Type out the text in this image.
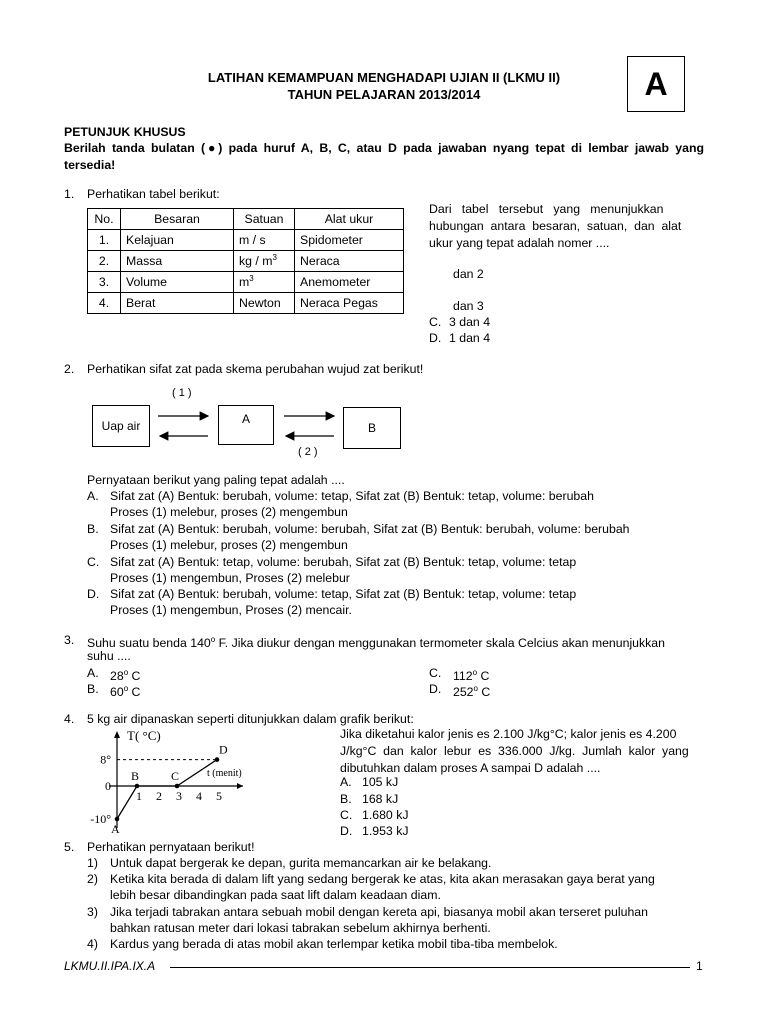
LATIHAN KEMAMPUAN MENGHADAPI UJIAN II (LKMU II)
TAHUN PELAJARAN 2013/2014	A
PETUNJUK KHUSUS
Berilah tanda bulatan (●) pada huruf A, B, C, atau D pada jawaban nyang tepat di lembar jawab yang
tersedia!
1. Perhatikan tabel berikut:
No.	Besaran	Satuan	Alat ukur
1.	Kelajuan	m / s	Spidometer
2.	Massa	kg / $m^3$	Neraca
3.	Volume	$m^3$	Anemometer
4.	Berat	Newton	Neraca Pegas
Dari   tabel   tersebut   yang   menunjukkan
hubungan  antara  besaran,  satuan,  dan  alat
ukur yang tepat adalah nomer ....
dan 2
dan 3
C. 3 dan 4
D. 1 dan 4
2. Perhatikan sifat zat pada skema perubahan wujud zat berikut!
( 1 )
Uap air	A
B
( 2 )
Pernyataan berikut yang paling tepat adalah ....
A. Sifat zat (A) Bentuk: berubah, volume: tetap, Sifat zat (B) Bentuk: tetap, volume: berubah
Proses (1) melebur, proses (2) mengembun
B. Sifat zat (A) Bentuk: berubah, volume: berubah, Sifat zat (B) Bentuk: berubah, volume: berubah
Proses (1) melebur, proses (2) mengembun
C. Sifat zat (A) Bentuk: tetap, volume: berubah, Sifat zat (B) Bentuk: tetap, volume: tetap
Proses (1) mengembun, Proses (2) melebur
D. Sifat zat (A) Bentuk: berubah, volume: tetap, Sifat zat (B) Bentuk: tetap, volume: tetap
Proses (1) mengembun, Proses (2) mencair.
3. Suhu suatu benda 140$^o$ F. Jika diukur dengan menggunakan termometer skala Celcius akan menunjukkan
suhu ....
A. 28$^o$ C
B. 60$^o$ C
C. 112$^o$ C
D. 252$^o$ C
4. 5 kg air dipanaskan seperti ditunjukkan dalam grafik berikut:
T( °C)
t (menit)
8°
0
-10°
1 2 3 4 5
A
B	C
D
Jika diketahui kalor jenis es 2.100 J/kg°C; kalor jenis es 4.200
J/kg°C  dan  kalor  lebur  es  336.000  J/kg.  Jumlah  kalor  yang
dibutuhkan dalam proses A sampai D adalah ....
A. 105 kJ
B. 168 kJ
C. 1.680 kJ
D. 1.953 kJ
5. Perhatikan pernyataan berikut!
1) Untuk dapat bergerak ke depan, gurita memancarkan air ke belakang.
2) Ketika kita berada di dalam lift yang sedang bergerak ke atas, kita akan merasakan gaya berat yang
lebih besar dibandingkan pada saat lift dalam keadaan diam.
3) Jika terjadi tabrakan antara sebuah mobil dengan kereta api, biasanya mobil akan terseret puluhan
bahkan ratusan meter dari lokasi tabrakan sebelum akhirnya berhenti.
4) Kardus yang berada di atas mobil akan terlempar ketika mobil tiba-tiba membelok.
LKMU.II.IPA.IX.A	1
